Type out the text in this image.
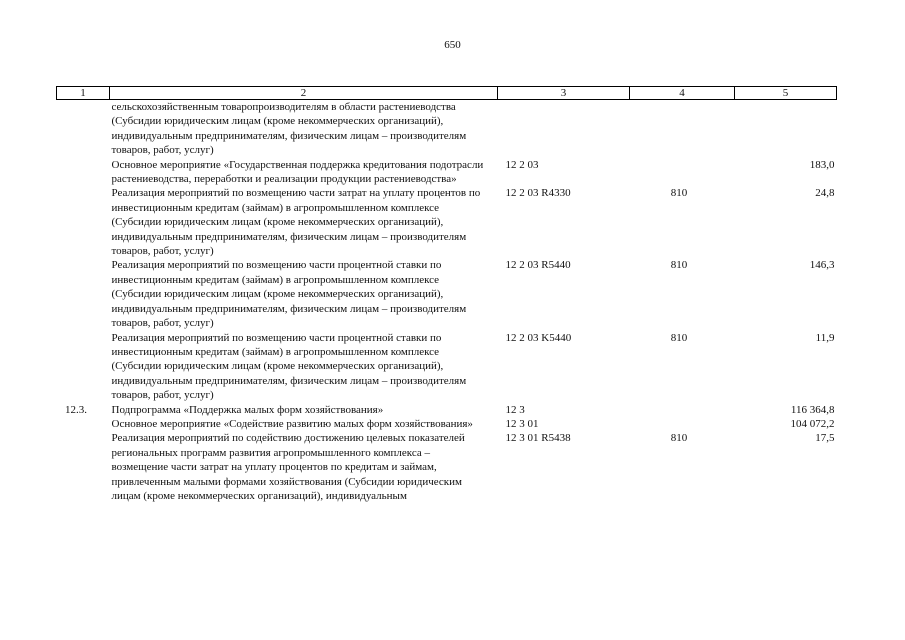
650
1	2	3	4	5
	сельскохозяйственным товаропроизводителям в области растениеводства (Субсидии юридическим лицам (кроме некоммерческих организаций), индивидуальным предпринимателям, физическим лицам – производителям товаров, работ, услуг)			
	Основное мероприятие «Государственная поддержка кредитования подотрасли растениеводства, переработки и реализации продукции растениеводства»	12 2 03		183,0
	Реализация мероприятий по возмещению части затрат на уплату процентов по инвестиционным кредитам (займам) в агропромышленном комплексе (Субсидии юридическим лицам (кроме некоммерческих организаций), индивидуальным предпринимателям, физическим лицам – производителям товаров, работ, услуг)	12 2 03 R4330	810	24,8
	Реализация мероприятий по возмещению части процентной ставки по инвестиционным кредитам (займам) в агропромышленном комплексе (Субсидии юридическим лицам (кроме некоммерческих организаций), индивидуальным предпринимателям, физическим лицам – производителям товаров, работ, услуг)	12 2 03 R5440	810	146,3
	Реализация мероприятий по возмещению части процентной ставки по инвестиционным кредитам (займам) в агропромышленном комплексе (Субсидии юридическим лицам (кроме некоммерческих организаций), индивидуальным предпринимателям, физическим лицам – производителям товаров, работ, услуг)	12 2 03 K5440	810	11,9
12.3.	Подпрограмма «Поддержка малых форм хозяйствования»	12 3		116 364,8
	Основное мероприятие «Содействие развитию малых форм хозяйствования»	12 3 01		104 072,2
	Реализация мероприятий по содействию достижению целевых показателей региональных программ развития агропромышленного комплекса – возмещение части затрат на уплату процентов по кредитам и займам, привлеченным малыми формами хозяйствования (Субсидии юридическим лицам (кроме некоммерческих организаций), индивидуальным	12 3 01 R5438	810	17,5
